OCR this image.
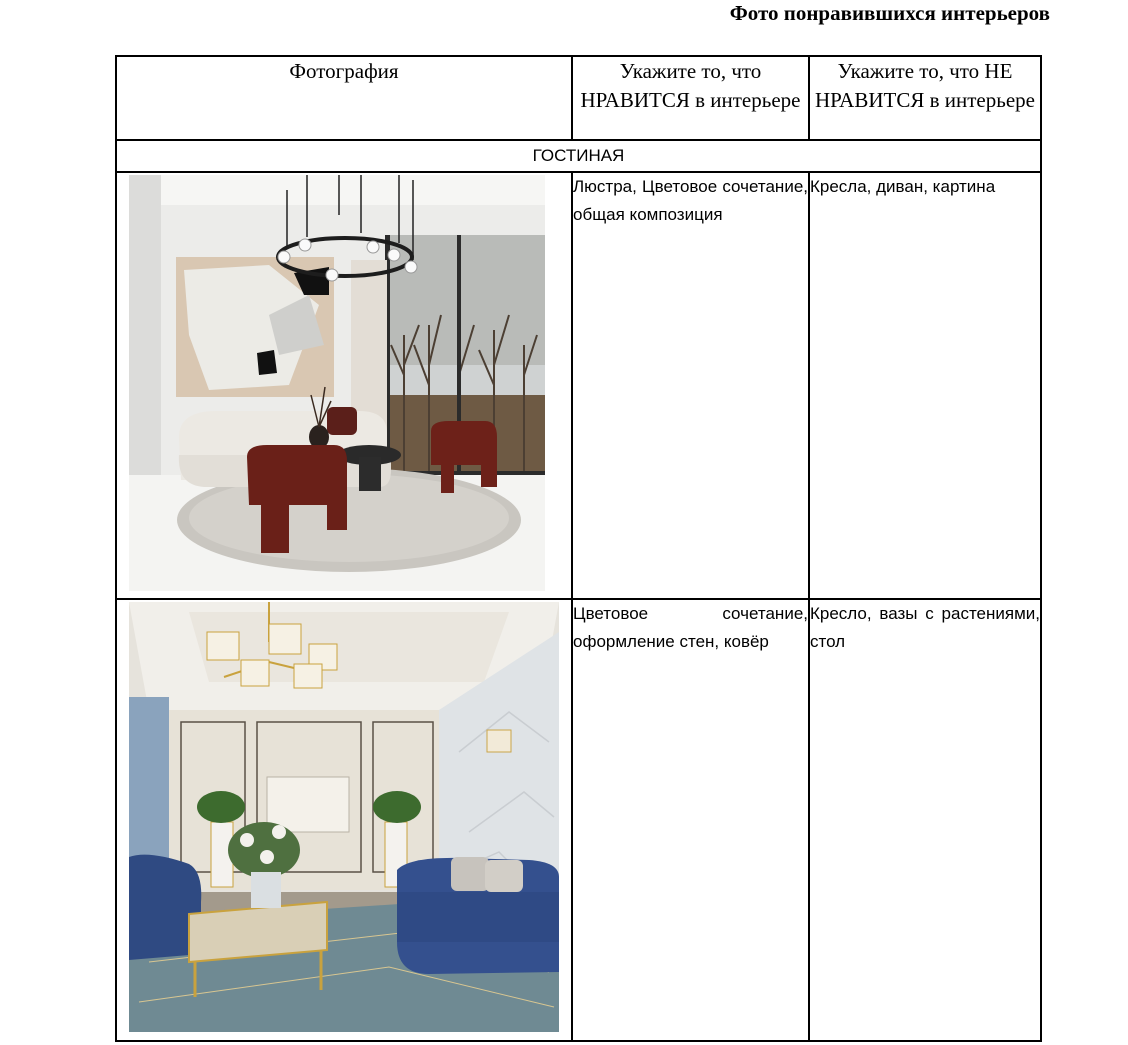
Фото понравившихся интерьеров
Фотография	Укажите то, что НРАВИТСЯ в интерьере	Укажите то, что НЕ НРАВИТСЯ в интерьере
ГОСТИНАЯ		

	Люстра, Цветовое сочетание, общая композиция	Кресла, диван, картина

	Цветовое сочетание, оформление стен, ковёр	Кресло, вазы с растениями, стол
